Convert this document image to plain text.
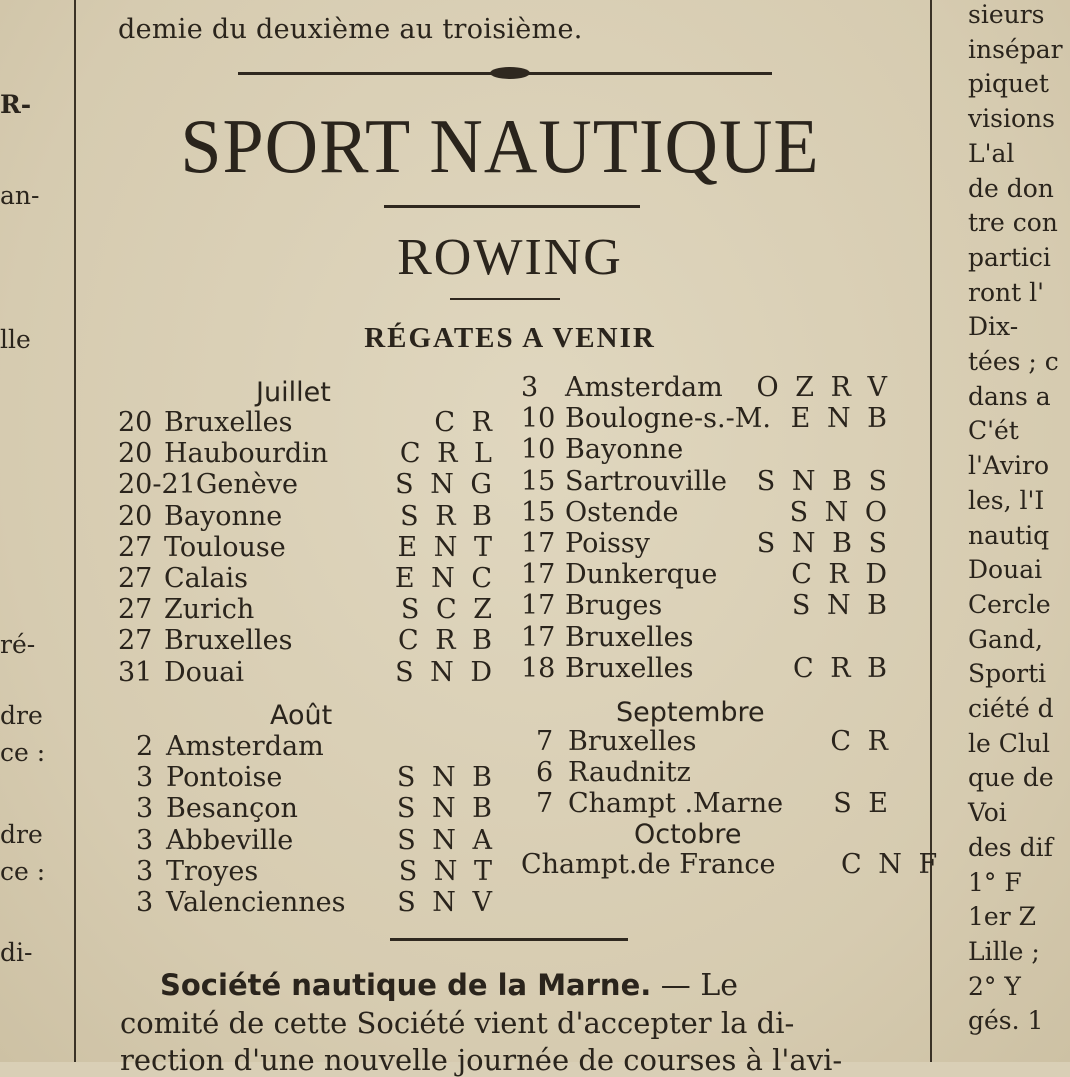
R-
an-
lle
ré-
dre
ce :
dre
ce :
di-
sieurs
insépar
piquet
visions
L'al
de don
tre con
partici
ront l'
Dix-
tées ; c
dans a
C'ét
l'Aviro
les, l'I
nautiq
Douai
Cercle
Gand,
Sporti
ciété d
le Clul
que de
Voi
des dif
1° F
1er Z
Lille ;
2° Y
gés. 1
demie du deuxième au troisième.
SPORT NAUTIQUE
ROWING
RÉGATES A VENIR
Juillet
Août	Septembre
Octobre
20 Bruxelles	C R
20 Haubourdin	C R L
20-21Genève	S N G
20 Bayonne	S R B
27 Toulouse	E N T
27 Calais	E N C
27 Zurich	S C Z
27 Bruxelles	C R B
31 Douai	S N D
2 Amsterdam
3 Pontoise	S N B
3 Besançon	S N B
3 Abbeville	S N A
3 Troyes	S N T
3 Valenciennes S N V
3 Amsterdam O Z R V
10 Boulogne-s.-M. E N B
10 Bayonne
15 Sartrouville S N B S
15 Ostende	S N O
17 Poissy	S N B S
17 Dunkerque	C R D
17 Bruges	S N B
17 Bruxelles
18 Bruxelles	C R B
7 Bruxelles	C R
6 Raudnitz
7 Champt .Marne S E
Champt.de France C N F
Société nautique de la Marne. — Le
comité de cette Société vient d'accepter la di-
rection d'une nouvelle journée de courses à l'avi-
